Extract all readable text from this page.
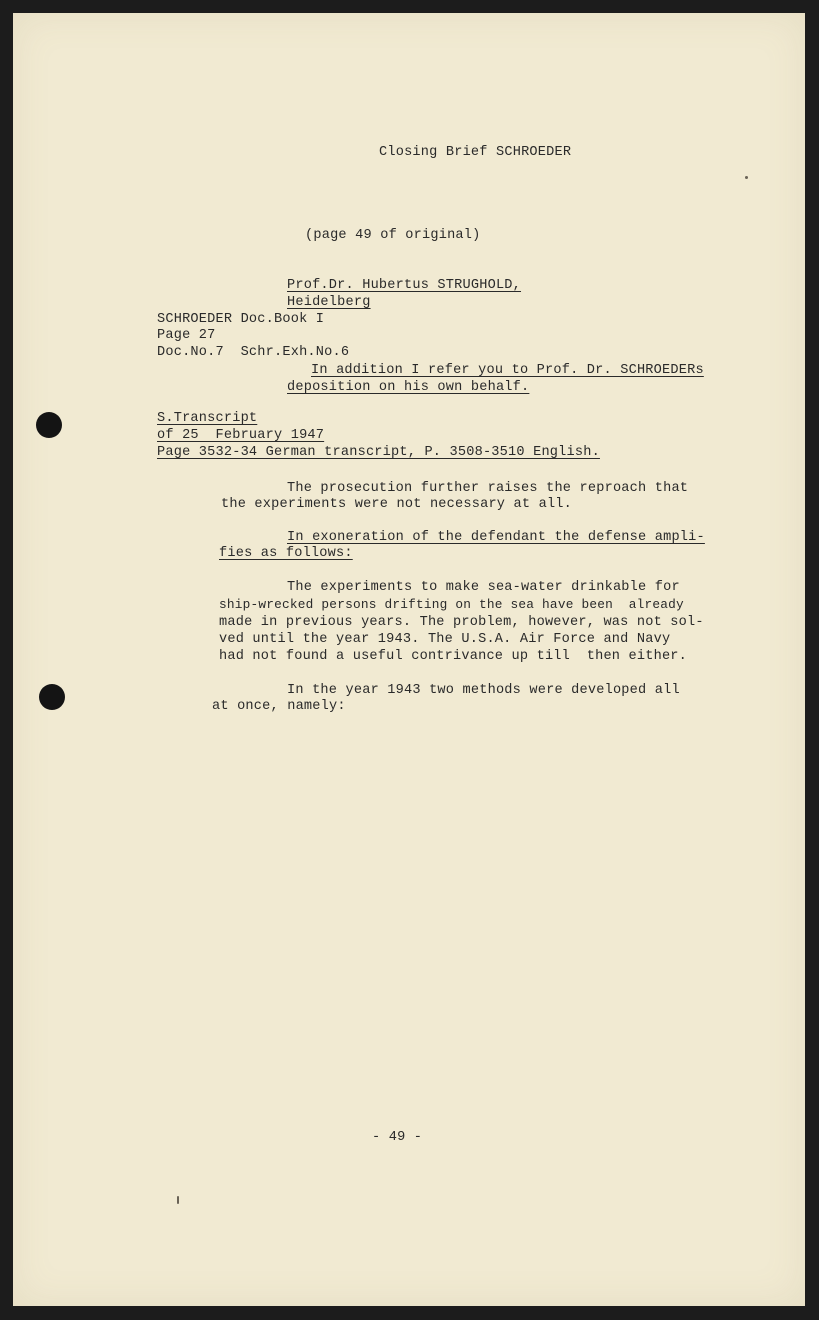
Closing Brief SCHROEDER
(page 49 of original)
Prof.Dr. Hubertus STRUGHOLD,
Heidelberg
SCHROEDER Doc.Book I
Page 27
Doc.No.7  Schr.Exh.No.6
In addition I refer you to Prof. Dr. SCHROEDERs
deposition on his own behalf.
S.Transcript
of 25  February 1947
Page 3532-34 German transcript, P. 3508-3510 English.
The prosecution further raises the reproach that
the experiments were not necessary at all.
In exoneration of the defendant the defense ampli-
fies as follows:
The experiments to make sea-water drinkable for
ship-wrecked persons drifting on the sea have been  already
made in previous years. The problem, however, was not sol-
ved until the year 1943. The U.S.A. Air Force and Navy
had not found a useful contrivance up till  then either.
In the year 1943 two methods were developed all
at once, namely:
- 49 -
